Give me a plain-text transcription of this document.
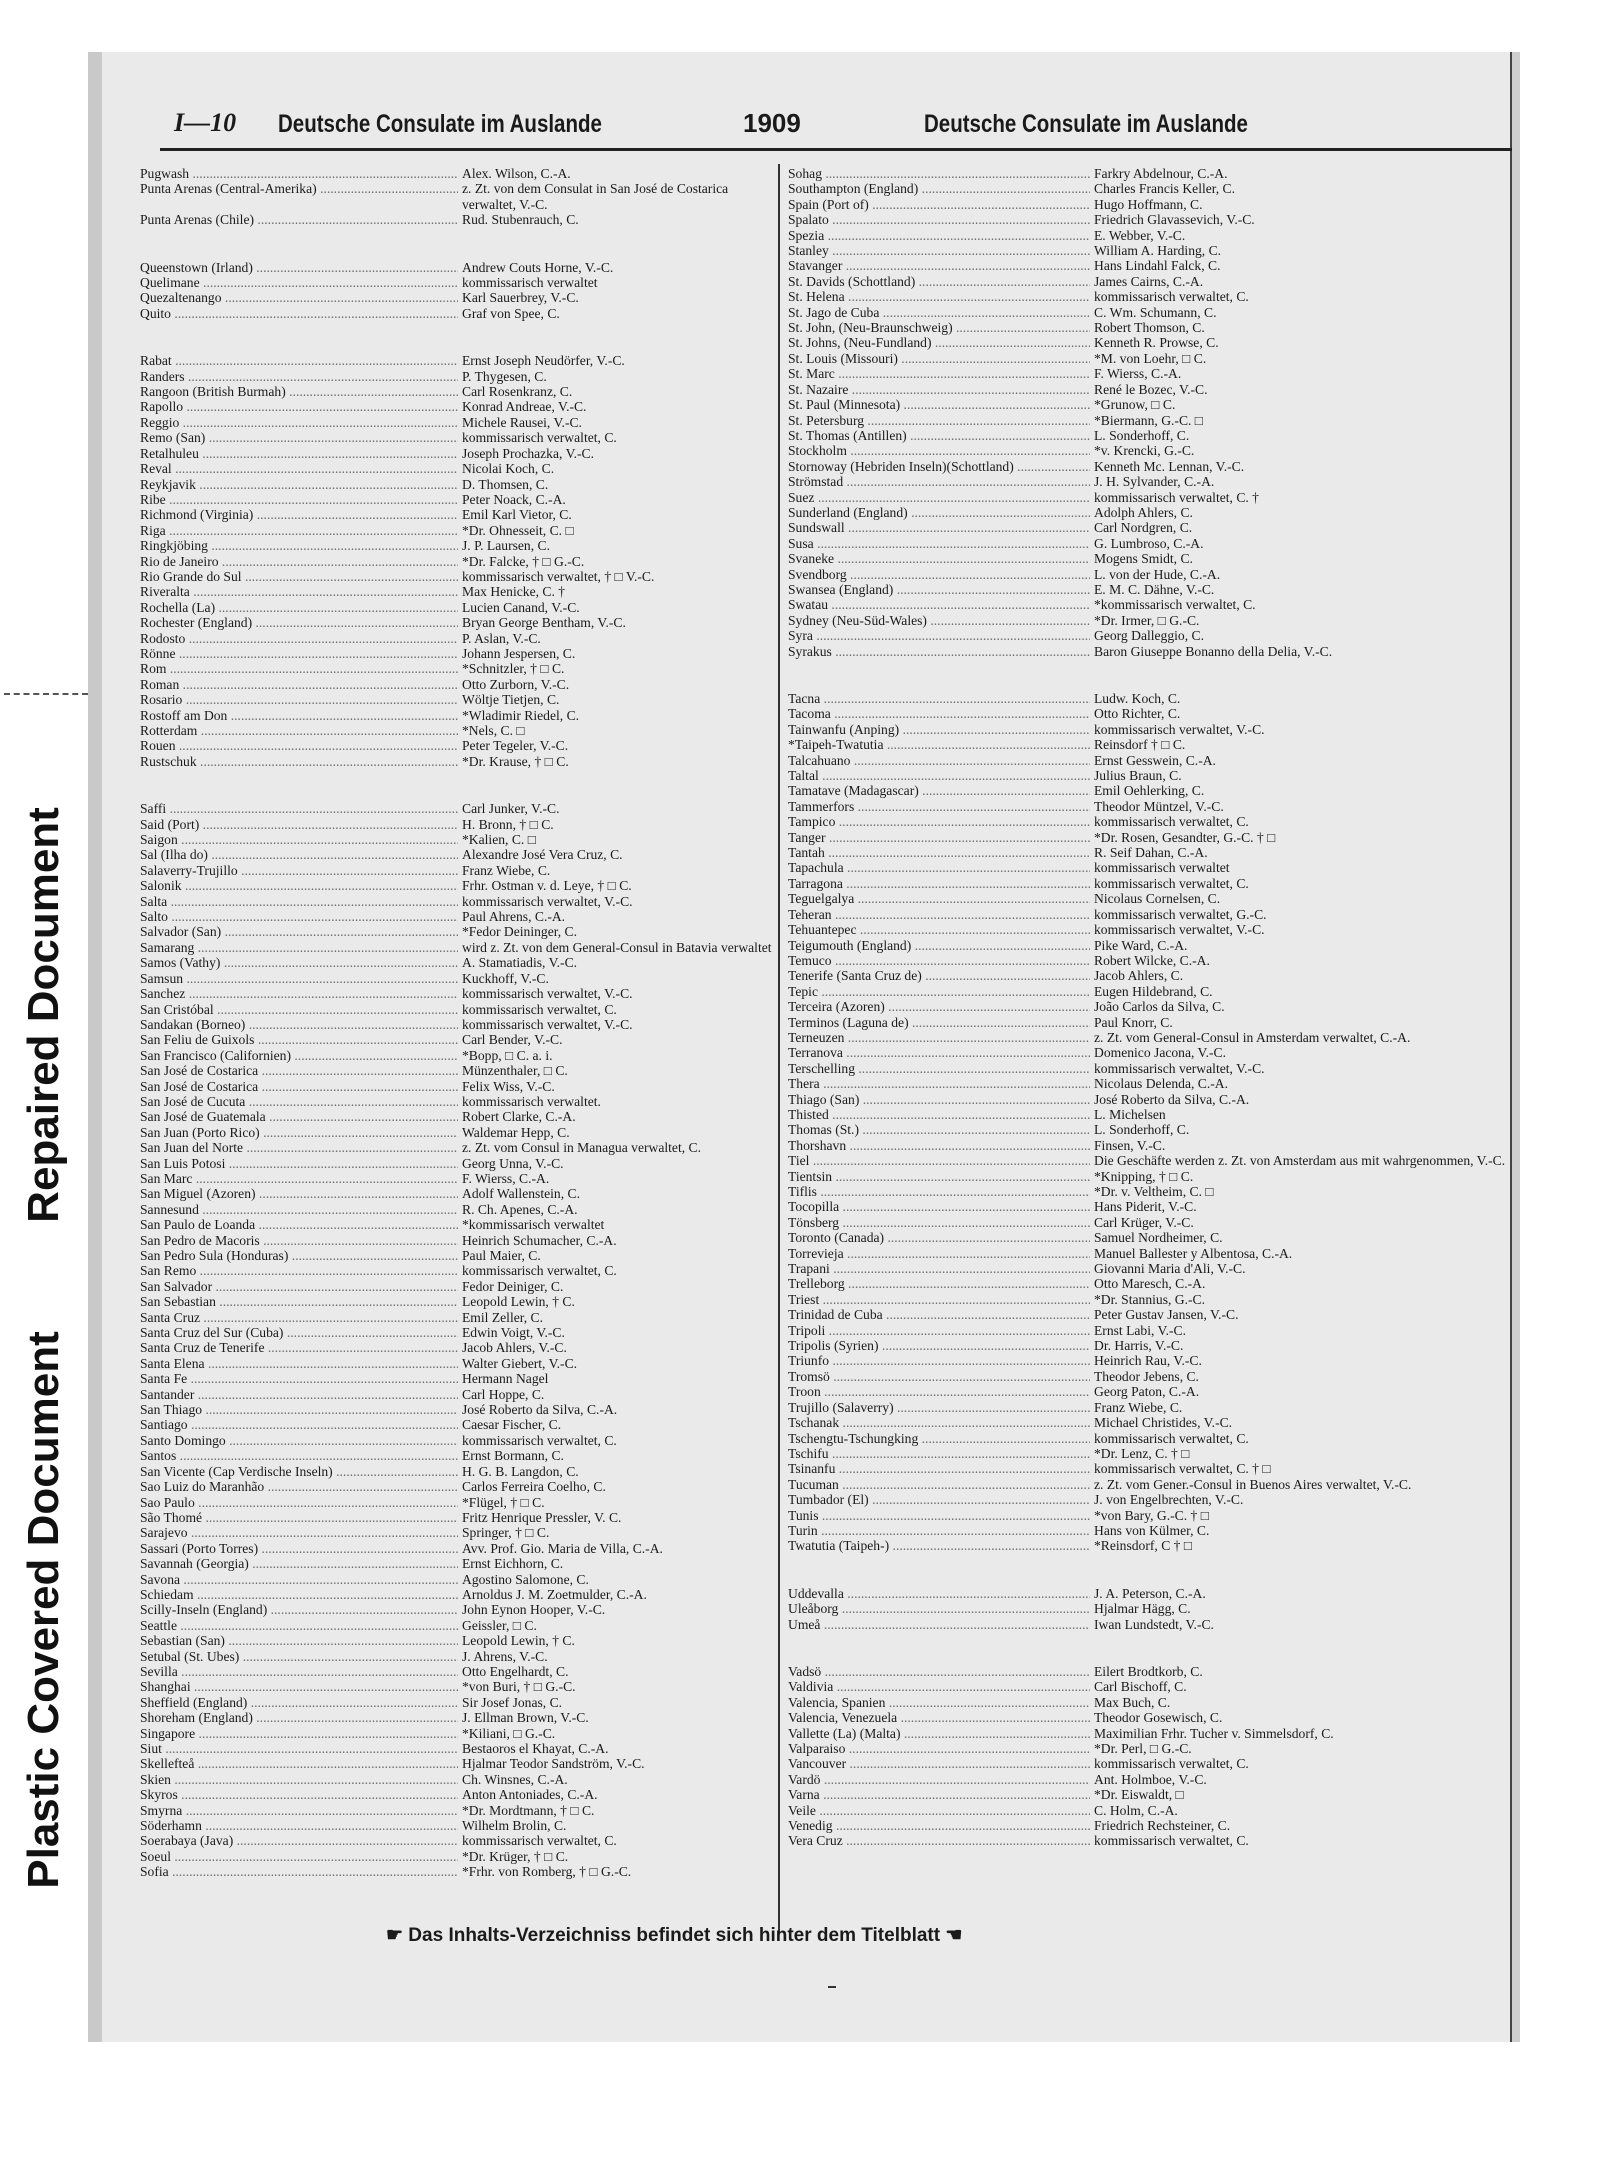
Repaired Document
Plastic Covered Document
I—10 Deutsche Consulate im Auslande	1909	Deutsche Consulate im Auslande
Pugwash .....	Alex. Wilson, C.-A.
Punta Arenas (Central-Amerika) .....	z. Zt. von dem Consulat in San José de Costarica verwaltet, V.-C.
Punta Arenas (Chile) .....	Rud. Stubenrauch, C.
Queenstown (Irland) .....	Andrew Couts Horne, V.-C.
Quelimane .....	kommissarisch verwaltet
Quezaltenango .....	Karl Sauerbrey, V.-C.
Quito .....	Graf von Spee, C.
Rabat .....	Ernst Joseph Neudörfer, V.-C.
Randers .....	P. Thygesen, C.
Rangoon (British Burmah) .....	Carl Rosenkranz, C.
Rapollo .....	Konrad Andreae, V.-C.
Reggio .....	Michele Rausei, V.-C.
Remo (San) .....	kommissarisch verwaltet, C.
Retalhuleu .....	Joseph Prochazka, V.-C.
Reval .....	Nicolai Koch, C.
Reykjavik .....	D. Thomsen, C.
Ribe .....	Peter Noack, C.-A.
Richmond (Virginia) .....	Emil Karl Vietor, C.
Riga .....	*Dr. Ohnesseit, C. □
Ringkjöbing .....	J. P. Laursen, C.
Rio de Janeiro .....	*Dr. Falcke, † □ G.-C.
Rio Grande do Sul .....	kommissarisch verwaltet, † □ V.-C.
Riveralta .....	Max Henicke, C. †
Rochella (La) .....	Lucien Canand, V.-C.
Rochester (England) .....	Bryan George Bentham, V.-C.
Rodosto .....	P. Aslan, V.-C.
Rönne .....	Johann Jespersen, C.
Rom .....	*Schnitzler, † □ C.
Roman .....	Otto Zurborn, V.-C.
Rosario .....	Wöltje Tietjen, C.
Rostoff am Don .....	*Wladimir Riedel, C.
Rotterdam .....	*Nels, C. □
Rouen .....	Peter Tegeler, V.-C.
Rustschuk .....	*Dr. Krause, † □ C.
Saffi .....	Carl Junker, V.-C.
Said (Port) .....	H. Bronn, † □ C.
Saigon .....	*Kalien, C. □
Sal (Ilha do) .....	Alexandre José Vera Cruz, C.
Salaverry-Trujillo .....	Franz Wiebe, C.
Salonik .....	Frhr. Ostman v. d. Leye, † □ C.
Salta .....	kommissarisch verwaltet, V.-C.
Salto .....	Paul Ahrens, C.-A.
Salvador (San) .....	*Fedor Deininger, C.
Samarang .....	wird z. Zt. von dem General-Consul in Batavia verwaltet
Samos (Vathy) .....	A. Stamatiadis, V.-C.
Samsun .....	Kuckhoff, V.-C.
Sanchez .....	kommissarisch verwaltet, V.-C.
San Cristóbal .....	kommissarisch verwaltet, C.
Sandakan (Borneo) .....	kommissarisch verwaltet, V.-C.
San Feliu de Guixols .....	Carl Bender, V.-C.
San Francisco (Californien) .....	*Bopp, □ C. a. i.
San José de Costarica .....	Münzenthaler, □ C.
San José de Costarica .....	Felix Wiss, V.-C.
San José de Cucuta .....	kommissarisch verwaltet.
San José de Guatemala .....	Robert Clarke, C.-A.
San Juan (Porto Rico) .....	Waldemar Hepp, C.
San Juan del Norte .....	z. Zt. vom Consul in Managua verwaltet, C.
San Luis Potosi .....	Georg Unna, V.-C.
San Marc .....	F. Wierss, C.-A.
San Miguel (Azoren) .....	Adolf Wallenstein, C.
Sannesund .....	R. Ch. Apenes, C.-A.
San Paulo de Loanda .....	*kommissarisch verwaltet
San Pedro de Macoris .....	Heinrich Schumacher, C.-A.
San Pedro Sula (Honduras) .....	Paul Maier, C.
San Remo .....	kommissarisch verwaltet, C.
San Salvador .....	Fedor Deiniger, C.
San Sebastian .....	Leopold Lewin, † C.
Santa Cruz .....	Emil Zeller, C.
Santa Cruz del Sur (Cuba) .....	Edwin Voigt, V.-C.
Santa Cruz de Tenerife .....	Jacob Ahlers, V.-C.
Santa Elena .....	Walter Giebert, V.-C.
Santa Fe .....	Hermann Nagel
Santander .....	Carl Hoppe, C.
San Thiago .....	José Roberto da Silva, C.-A.
Santiago .....	Caesar Fischer, C.
Santo Domingo .....	kommissarisch verwaltet, C.
Santos .....	Ernst Bormann, C.
San Vicente (Cap Verdische Inseln) .....	H. G. B. Langdon, C.
Sao Luiz do Maranhão .....	Carlos Ferreira Coelho, C.
Sao Paulo .....	*Flügel, † □ C.
São Thomé .....	Fritz Henrique Pressler, V. C.
Sarajevo .....	Springer, † □ C.
Sassari (Porto Torres) .....	Avv. Prof. Gio. Maria de Villa, C.-A.
Savannah (Georgia) .....	Ernst Eichhorn, C.
Savona .....	Agostino Salomone, C.
Schiedam .....	Arnoldus J. M. Zoetmulder, C.-A.
Scilly-Inseln (England) .....	John Eynon Hooper, V.-C.
Seattle .....	Geissler, □ C.
Sebastian (San) .....	Leopold Lewin, † C.
Setubal (St. Ubes) .....	J. Ahrens, V.-C.
Sevilla .....	Otto Engelhardt, C.
Shanghai .....	*von Buri, † □ G.-C.
Sheffield (England) .....	Sir Josef Jonas, C.
Shoreham (England) .....	J. Ellman Brown, V.-C.
Singapore .....	*Kiliani, □ G.-C.
Siut .....	Bestaoros el Khayat, C.-A.
Skellefteå .....	Hjalmar Teodor Sandström, V.-C.
Skien .....	Ch. Winsnes, C.-A.
Skyros .....	Anton Antoniades, C.-A.
Smyrna .....	*Dr. Mordtmann, † □ C.
Söderhamn .....	Wilhelm Brolin, C.
Soerabaya (Java) .....	kommissarisch verwaltet, C.
Soeul .....	*Dr. Krüger, † □ C.
Sofia .....	*Frhr. von Romberg, † □ G.-C.
Sohag .....	Farkry Abdelnour, C.-A.
Southampton (England) .....	Charles Francis Keller, C.
Spain (Port of) .....	Hugo Hoffmann, C.
Spalato .....	Friedrich Glavassevich, V.-C.
Spezia .....	E. Webber, V.-C.
Stanley .....	William A. Harding, C.
Stavanger .....	Hans Lindahl Falck, C.
St. Davids (Schottland) .....	James Cairns, C.-A.
St. Helena .....	kommissarisch verwaltet, C.
St. Jago de Cuba .....	C. Wm. Schumann, C.
St. John, (Neu-Braunschweig) .....	Robert Thomson, C.
St. Johns, (Neu-Fundland) .....	Kenneth R. Prowse, C.
St. Louis (Missouri) .....	*M. von Loehr, □ C.
St. Marc .....	F. Wierss, C.-A.
St. Nazaire .....	René le Bozec, V.-C.
St. Paul (Minnesota) .....	*Grunow, □ C.
St. Petersburg .....	*Biermann, G.-C. □
St. Thomas (Antillen) .....	L. Sonderhoff, C.
Stockholm .....	*v. Krencki, G.-C.
Stornoway (Hebriden Inseln)(Schottland) .....	Kenneth Mc. Lennan, V.-C.
Strömstad .....	J. H. Sylvander, C.-A.
Suez .....	kommissarisch verwaltet, C. †
Sunderland (England) .....	Adolph Ahlers, C.
Sundswall .....	Carl Nordgren, C.
Susa .....	G. Lumbroso, C.-A.
Svaneke .....	Mogens Smidt, C.
Svendborg .....	L. von der Hude, C.-A.
Swansea (England) .....	E. M. C. Dähne, V.-C.
Swatau .....	*kommissarisch verwaltet, C.
Sydney (Neu-Süd-Wales) .....	*Dr. Irmer, □ G.-C.
Syra .....	Georg Dalleggio, C.
Syrakus .....	Baron Giuseppe Bonanno della Delia, V.-C.
Tacna .....	Ludw. Koch, C.
Tacoma .....	Otto Richter, C.
Tainwanfu (Anping) .....	kommissarisch verwaltet, V.-C.
*Taipeh-Twatutia .....	Reinsdorf † □ C.
Talcahuano .....	Ernst Gesswein, C.-A.
Taltal .....	Julius Braun, C.
Tamatave (Madagascar) .....	Emil Oehlerking, C.
Tammerfors .....	Theodor Müntzel, V.-C.
Tampico .....	kommissarisch verwaltet, C.
Tanger .....	*Dr. Rosen, Gesandter, G.-C. † □
Tantah .....	R. Seif Dahan, C.-A.
Tapachula .....	kommissarisch verwaltet
Tarragona .....	kommissarisch verwaltet, C.
Teguelgalya .....	Nicolaus Cornelsen, C.
Teheran .....	kommissarisch verwaltet, G.-C.
Tehuantepec .....	kommissarisch verwaltet, V.-C.
Teigumouth (England) .....	Pike Ward, C.-A.
Temuco .....	Robert Wilcke, C.-A.
Tenerife (Santa Cruz de) .....	Jacob Ahlers, C.
Tepic .....	Eugen Hildebrand, C.
Terceira (Azoren) .....	João Carlos da Silva, C.
Terminos (Laguna de) .....	Paul Knorr, C.
Terneuzen .....	z. Zt. vom General-Consul in Amsterdam verwaltet, C.-A.
Terranova .....	Domenico Jacona, V.-C.
Terschelling .....	kommissarisch verwaltet, V.-C.
Thera .....	Nicolaus Delenda, C.-A.
Thiago (San) .....	José Roberto da Silva, C.-A.
Thisted .....	L. Michelsen
Thomas (St.) .....	L. Sonderhoff, C.
Thorshavn .....	Finsen, V.-C.
Tiel .....	Die Geschäfte werden z. Zt. von Amsterdam aus mit wahrgenommen, V.-C.
Tientsin .....	*Knipping, † □ C.
Tiflis .....	*Dr. v. Veltheim, C. □
Tocopilla .....	Hans Piderit, V.-C.
Tönsberg .....	Carl Krüger, V.-C.
Toronto (Canada) .....	Samuel Nordheimer, C.
Torrevieja .....	Manuel Ballester y Albentosa, C.-A.
Trapani .....	Giovanni Maria d'Ali, V.-C.
Trelleborg .....	Otto Maresch, C.-A.
Triest .....	*Dr. Stannius, G.-C.
Trinidad de Cuba .....	Peter Gustav Jansen, V.-C.
Tripoli .....	Ernst Labi, V.-C.
Tripolis (Syrien) .....	Dr. Harris, V.-C.
Triunfo .....	Heinrich Rau, V.-C.
Tromsö .....	Theodor Jebens, C.
Troon .....	Georg Paton, C.-A.
Trujillo (Salaverry) .....	Franz Wiebe, C.
Tschanak .....	Michael Christides, V.-C.
Tschengtu-Tschungking .....	kommissarisch verwaltet, C.
Tschifu .....	*Dr. Lenz, C. † □
Tsinanfu .....	kommissarisch verwaltet, C. † □
Tucuman .....	z. Zt. vom Gener.-Consul in Buenos Aires verwaltet, V.-C.
Tumbador (El) .....	J. von Engelbrechten, V.-C.
Tunis .....	*von Bary, G.-C. † □
Turin .....	Hans von Külmer, C.
Twatutia (Taipeh-) .....	*Reinsdorf, C † □
Uddevalla .....	J. A. Peterson, C.-A.
Uleåborg .....	Hjalmar Hägg, C.
Umeå .....	Iwan Lundstedt, V.-C.
Vadsö .....	Eilert Brodtkorb, C.
Valdivia .....	Carl Bischoff, C.
Valencia, Spanien .....	Max Buch, C.
Valencia, Venezuela .....	Theodor Gosewisch, C.
Vallette (La) (Malta) .....	Maximilian Frhr. Tucher v. Simmelsdorf, C.
Valparaiso .....	*Dr. Perl, □ G.-C.
Vancouver .....	kommissarisch verwaltet, C.
Vardö .....	Ant. Holmboe, V.-C.
Varna .....	*Dr. Eiswaldt, □
Veile .....	C. Holm, C.-A.
Venedig .....	Friedrich Rechsteiner, C.
Vera Cruz .....	kommissarisch verwaltet, C.
☛ Das Inhalts-Verzeichniss befindet sich hinter dem Titelblatt ☚
